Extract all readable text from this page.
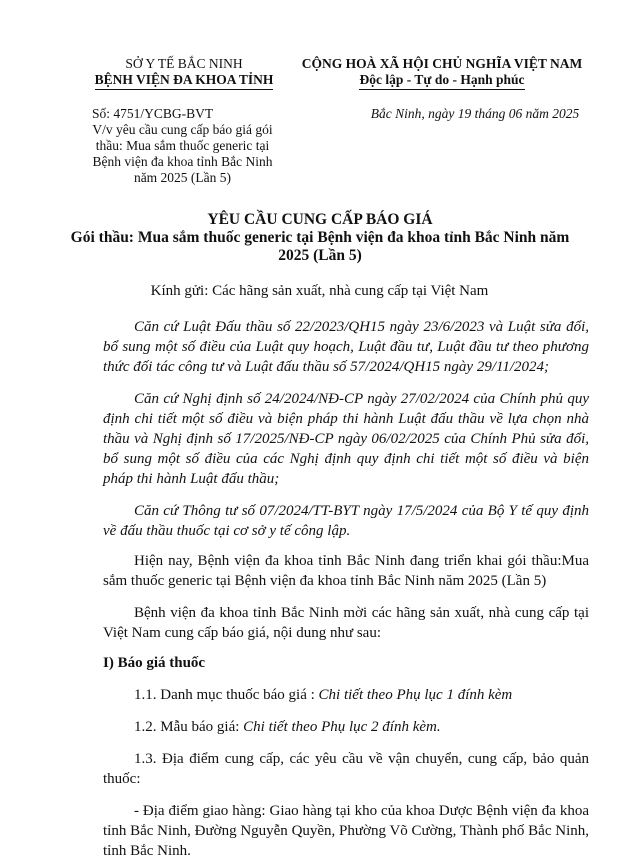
SỞ Y TẾ BẮC NINH
BỆNH VIỆN ĐA KHOA TỈNH
CỘNG HOÀ XÃ HỘI CHỦ NGHĨA VIỆT NAM
Độc lập - Tự do - Hạnh phúc
Số: 4751/YCBG-BVT
V/v yêu cầu cung cấp báo giá gói thầu: Mua sắm thuốc generic tại Bệnh viện đa khoa tỉnh Bắc Ninh năm 2025 (Lần 5)
Bắc Ninh, ngày 19 tháng 06 năm 2025
YÊU CẦU CUNG CẤP BÁO GIÁ
Gói thầu: Mua sắm thuốc generic tại Bệnh viện đa khoa tỉnh Bắc Ninh năm 2025 (Lần 5)
Kính gửi: Các hãng sản xuất, nhà cung cấp tại Việt Nam

Căn cứ Luật Đấu thầu số 22/2023/QH15 ngày 23/6/2023 và Luật sửa đổi, bổ sung một số điều của Luật quy hoạch, Luật đầu tư, Luật đầu tư theo phương thức đối tác công tư và Luật đấu thầu số 57/2024/QH15 ngày 29/11/2024;

Căn cứ Nghị định số 24/2024/NĐ-CP ngày 27/02/2024 của Chính phủ quy định chi tiết một số điều và biện pháp thi hành Luật đấu thầu về lựa chọn nhà thầu và Nghị định số 17/2025/NĐ-CP ngày 06/02/2025 của Chính Phủ sửa đổi, bổ sung một số điều của các Nghị định quy định chi tiết một số điều và biện pháp thi hành Luật đấu thầu;

Căn cứ Thông tư số 07/2024/TT-BYT ngày 17/5/2024 của Bộ Y tế quy định về đấu thầu thuốc tại cơ sở y tế công lập.

Hiện nay, Bệnh viện đa khoa tỉnh Bắc Ninh đang triển khai gói thầu:Mua sắm thuốc generic tại Bệnh viện đa khoa tỉnh Bắc Ninh năm 2025 (Lần 5)

Bệnh viện đa khoa tỉnh Bắc Ninh mời các hãng sản xuất, nhà cung cấp tại Việt Nam cung cấp báo giá, nội dung như sau:

I) Báo giá thuốc

1.1. Danh mục thuốc báo giá : Chi tiết theo Phụ lục 1 đính kèm

1.2. Mẫu báo giá: Chi tiết theo Phụ lục 2 đính kèm.

1.3. Địa điểm cung cấp, các yêu cầu về vận chuyển, cung cấp, bảo quản thuốc:

- Địa điểm giao hàng: Giao hàng tại kho của khoa Dược Bệnh viện đa khoa tỉnh Bắc Ninh, Đường Nguyễn Quyền, Phường Võ Cường, Thành phố Bắc Ninh, tỉnh Bắc Ninh.
